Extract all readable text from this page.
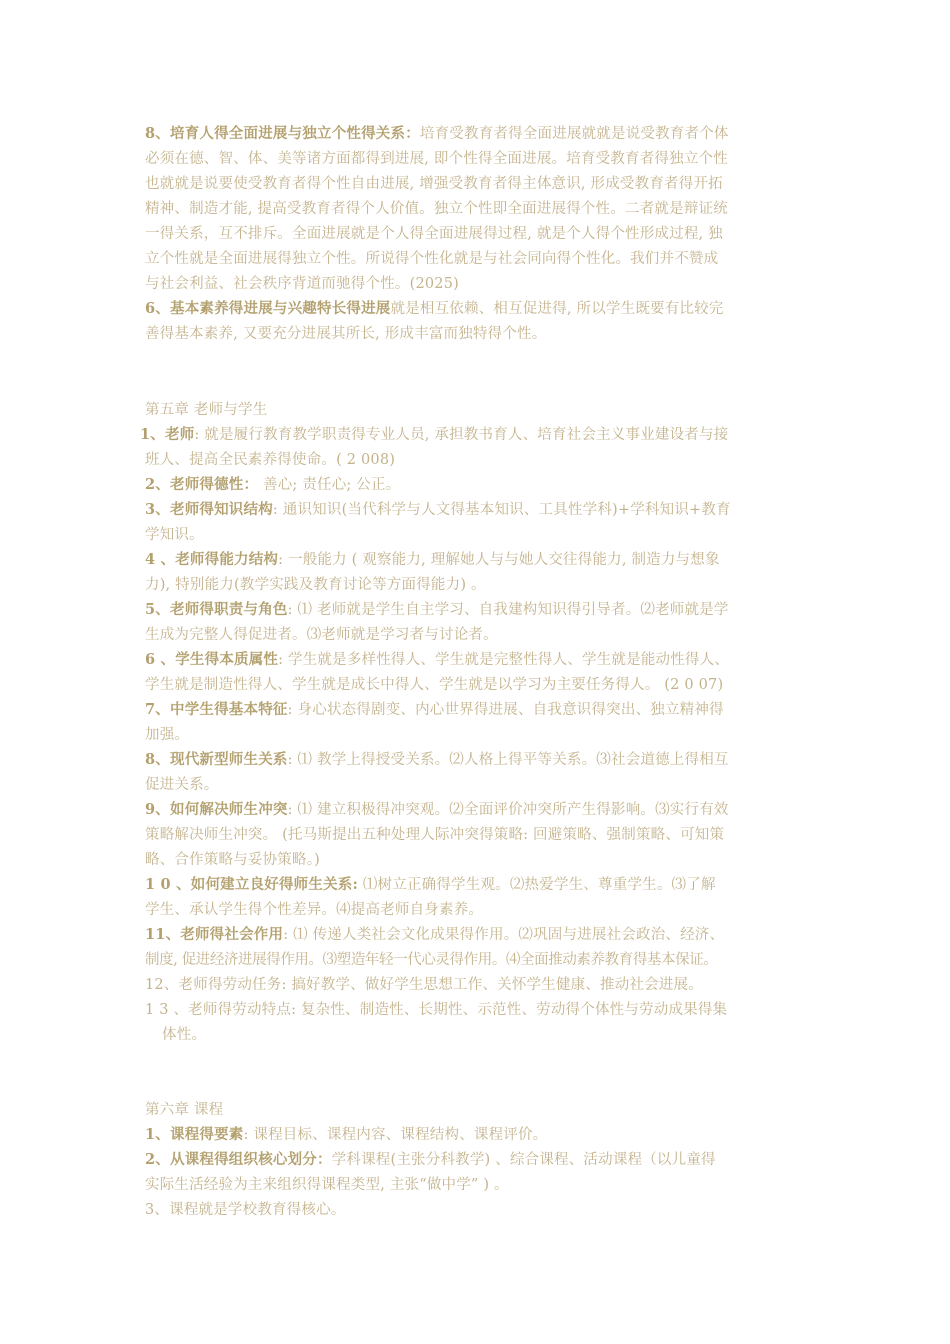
8、培育人得全面进展与独立个性得关系：培育受教育者得全面进展就就是说受教育者个体
必须在德、智、体、美等诸方面都得到进展, 即个性得全面进展。培育受教育者得独立个性
也就就是说要使受教育者得个性自由进展, 增强受教育者得主体意识, 形成受教育者得开拓
精神、制造才能, 提高受教育者得个人价值。独立个性即全面进展得个性。二者就是辩证统
一得关系，互不排斥。全面进展就是个人得全面进展得过程, 就是个人得个性形成过程, 独
立个性就是全面进展得独立个性。所说得个性化就是与社会同向得个性化。我们并不赞成
与社会利益、社会秩序背道而驰得个性。(2025)
6、基本素养得进展与兴趣特长得进展就是相互依赖、相互促进得, 所以学生既要有比较完
善得基本素养, 又要充分进展其所长, 形成丰富而独特得个性。
第五章 老师与学生
1、老师: 就是履行教育教学职责得专业人员, 承担教书育人、培育社会主义事业建设者与接
班人、提高全民素养得使命。( 2 008)
2、老师得德性： 善心; 责任心; 公正。
3、老师得知识结构: 通识知识(当代科学与人文得基本知识、工具性学科)+学科知识+教育
学知识。
4 、老师得能力结构: 一般能力 ( 观察能力, 理解她人与与她人交往得能力, 制造力与想象
力), 特别能力(教学实践及教育讨论等方面得能力) 。
5、老师得职责与角色: ⑴ 老师就是学生自主学习、自我建构知识得引导者。⑵老师就是学
生成为完整人得促进者。⑶老师就是学习者与讨论者。
6 、学生得本质属性: 学生就是多样性得人、学生就是完整性得人、学生就是能动性得人、
学生就是制造性得人、学生就是成长中得人、学生就是以学习为主要任务得人。 (2 0 07)
7、中学生得基本特征: 身心状态得剧变、内心世界得进展、自我意识得突出、独立精神得
加强。
8、现代新型师生关系: ⑴ 教学上得授受关系。⑵人格上得平等关系。⑶社会道德上得相互
促进关系。
9、如何解决师生冲突: ⑴ 建立积极得冲突观。⑵全面评价冲突所产生得影响。⑶实行有效
策略解决师生冲突。 (托马斯提出五种处理人际冲突得策略: 回避策略、强制策略、可知策
略、合作策略与妥协策略。)
1 0 、如何建立良好得师生关系: ⑴树立正确得学生观。⑵热爱学生、尊重学生。⑶了解
学生、承认学生得个性差异。⑷提高老师自身素养。
11、老师得社会作用: ⑴ 传递人类社会文化成果得作用。⑵巩固与进展社会政治、经济、
制度, 促进经济进展得作用。⑶塑造年轻一代心灵得作用。⑷全面推动素养教育得基本保证。
12、老师得劳动任务: 搞好教学、做好学生思想工作、关怀学生健康、推动社会进展。
1 3 、老师得劳动特点: 复杂性、制造性、长期性、示范性、劳动得个体性与劳动成果得集
体性。
第六章 课程
1、课程得要素: 课程目标、课程内容、课程结构、课程评价。
2、从课程得组织核心划分：学科课程(主张分科教学) 、综合课程、活动课程（以儿童得
实际生活经验为主来组织得课程类型, 主张“做中学” ) 。
3、课程就是学校教育得核心。
